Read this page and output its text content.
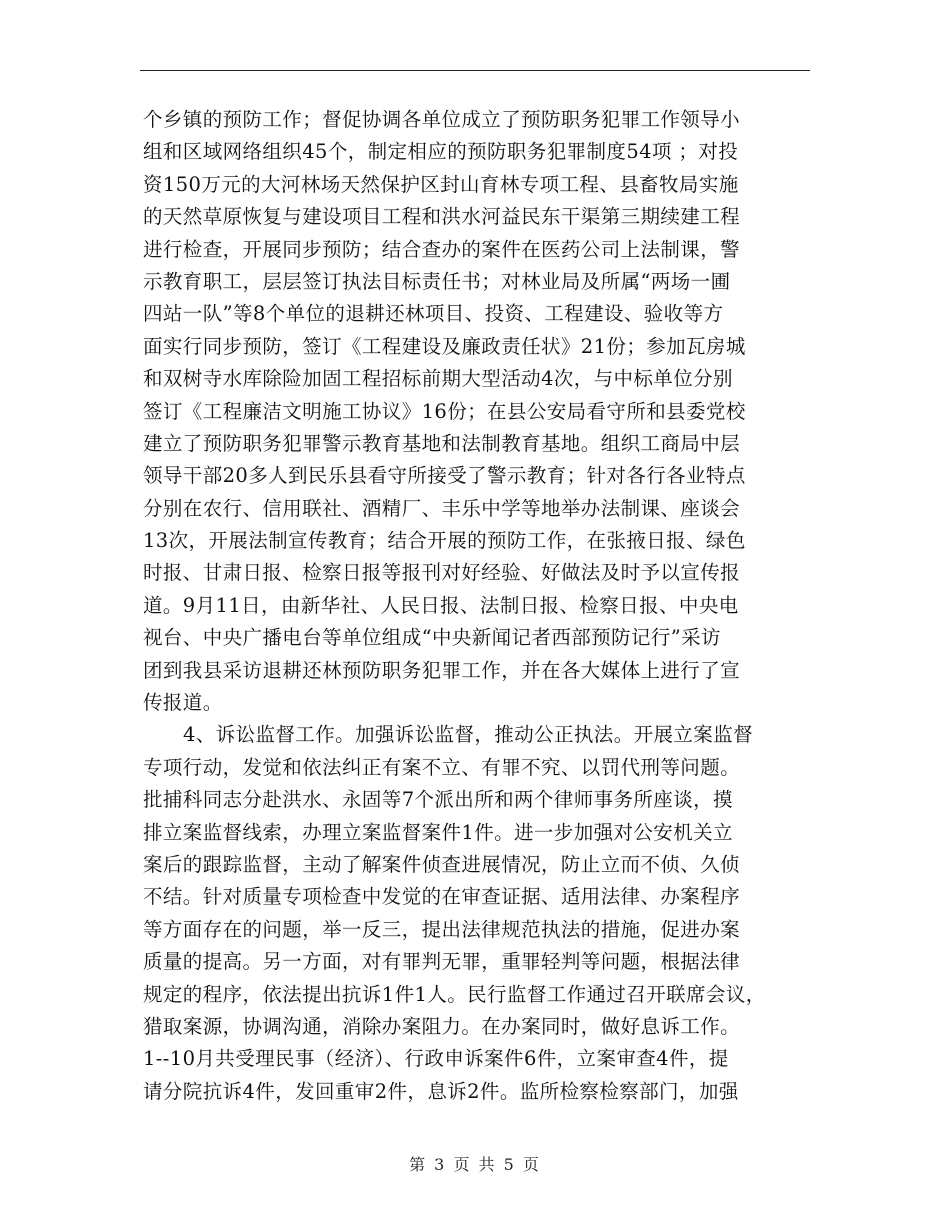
个乡镇的预防工作；督促协调各单位成立了预防职务犯罪工作领导小
组和区域网络组织45个，制定相应的预防职务犯罪制度54项 ；对投
资150万元的大河林场天然保护区封山育林专项工程、县畜牧局实施
的天然草原恢复与建设项目工程和洪水河益民东干渠第三期续建工程
进行检查，开展同步预防；结合查办的案件在医药公司上法制课，警
示教育职工，层层签订执法目标责任书；对林业局及所属“两场一圃
四站一队”等8个单位的退耕还林项目、投资、工程建设、验收等方
面实行同步预防，签订《工程建设及廉政责任状》21份；参加瓦房城
和双树寺水库除险加固工程招标前期大型活动4次，与中标单位分别
签订《工程廉洁文明施工协议》16份；在县公安局看守所和县委党校
建立了预防职务犯罪警示教育基地和法制教育基地。组织工商局中层
领导干部20多人到民乐县看守所接受了警示教育；针对各行各业特点
分别在农行、信用联社、酒精厂、丰乐中学等地举办法制课、座谈会
13次，开展法制宣传教育；结合开展的预防工作，在张掖日报、绿色
时报、甘肃日报、检察日报等报刊对好经验、好做法及时予以宣传报
道。9月11日，由新华社、人民日报、法制日报、检察日报、中央电
视台、中央广播电台等单位组成“中央新闻记者西部预防记行”采访
团到我县采访退耕还林预防职务犯罪工作，并在各大媒体上进行了宣
传报道。
4、诉讼监督工作。加强诉讼监督，推动公正执法。开展立案监督
专项行动，发觉和依法纠正有案不立、有罪不究、以罚代刑等问题。
批捕科同志分赴洪水、永固等7个派出所和两个律师事务所座谈，摸
排立案监督线索，办理立案监督案件1件。进一步加强对公安机关立
案后的跟踪监督，主动了解案件侦查进展情况，防止立而不侦、久侦
不结。针对质量专项检查中发觉的在审查证据、适用法律、办案程序
等方面存在的问题，举一反三，提出法律规范执法的措施，促进办案
质量的提高。另一方面，对有罪判无罪，重罪轻判等问题，根据法律
规定的程序，依法提出抗诉1件1人。民行监督工作通过召开联席会议，
猎取案源，协调沟通，消除办案阻力。在办案同时，做好息诉工作。
1--10月共受理民事（经济）、行政申诉案件6件，立案审查4件，提
请分院抗诉4件，发回重审2件，息诉2件。监所检察检察部门，加强
第 3 页 共 5 页
